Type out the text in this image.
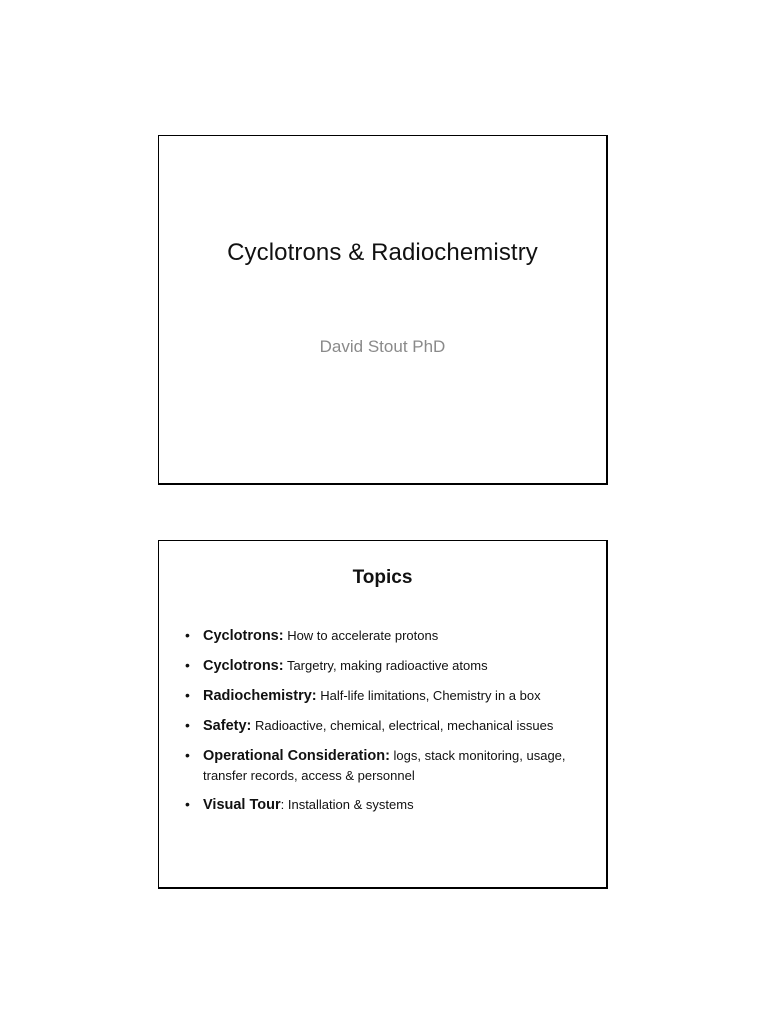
Cyclotrons & Radiochemistry
David Stout PhD
Topics
• Cyclotrons: How to accelerate protons
• Cyclotrons: Targetry, making radioactive atoms
• Radiochemistry: Half-life limitations, Chemistry in a box
• Safety: Radioactive, chemical, electrical, mechanical issues
• Operational Consideration: logs, stack monitoring, usage, transfer records, access & personnel
• Visual Tour: Installation & systems
